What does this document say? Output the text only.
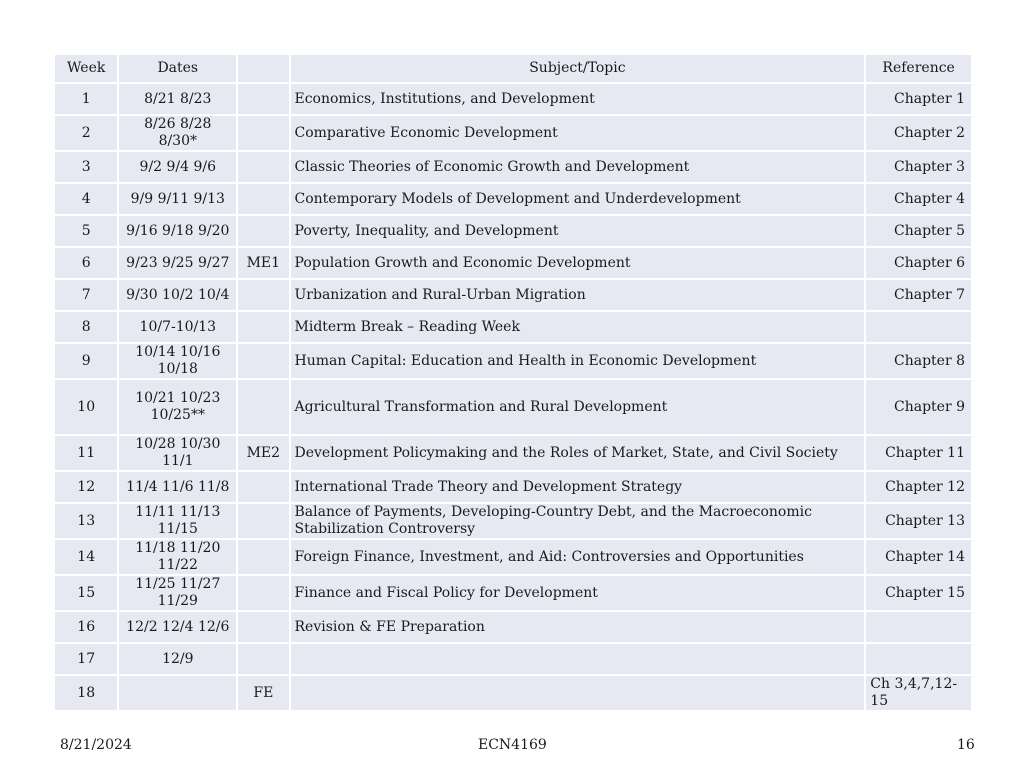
Week	Dates		Subject/Topic	Reference
1	8/21 8/23		Economics, Institutions, and Development	Chapter 1
2	8/26 8/28 8/30*		Comparative Economic Development	Chapter 2
3	9/2 9/4 9/6		Classic Theories of Economic Growth and Development	Chapter 3
4	9/9 9/11 9/13		Contemporary Models of Development and Underdevelopment	Chapter 4
5	9/16 9/18 9/20		Poverty, Inequality, and Development	Chapter 5
6	9/23 9/25 9/27	ME1	Population Growth and Economic Development	Chapter 6
7	9/30 10/2 10/4		Urbanization and Rural-Urban Migration	Chapter 7
8	10/7-10/13		Midterm Break – Reading Week	
9	10/14 10/16 10/18		Human Capital: Education and Health in Economic Development	Chapter 8
10	10/21 10/23 10/25**		Agricultural Transformation and Rural Development	Chapter 9
11	10/28 10/30 11/1	ME2	Development Policymaking and the Roles of Market, State, and Civil Society	Chapter 11
12	11/4 11/6 11/8		International Trade Theory and Development Strategy	Chapter 12
13	11/11 11/13 11/15		Balance of Payments, Developing-Country Debt, and the Macroeconomic Stabilization Controversy	Chapter 13
14	11/18 11/20 11/22		Foreign Finance, Investment, and Aid: Controversies and Opportunities	Chapter 14
15	11/25 11/27 11/29		Finance and Fiscal Policy for Development	Chapter 15
16	12/2 12/4 12/6		Revision & FE Preparation	
17	12/9			
18		FE		Ch 3,4,7,12-15
8/21/2024	ECN4169	16
